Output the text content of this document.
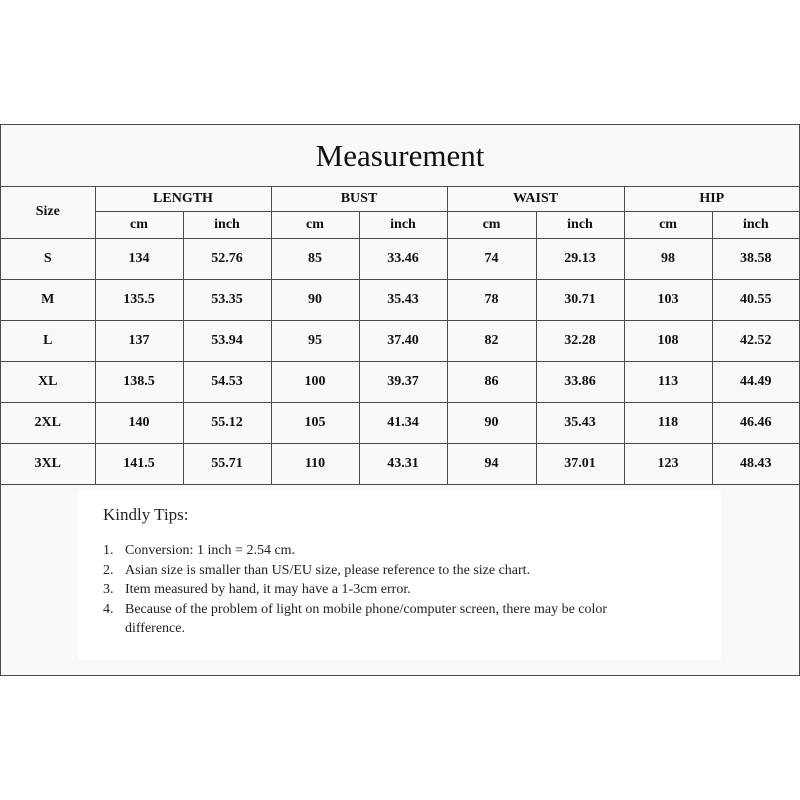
Measurement
Size	LENGTH		BUST		WAIST		HIP	
	cm	inch	cm	inch	cm	inch	cm	inch
S	134	52.76	85	33.46	74	29.13	98	38.58
M	135.5	53.35	90	35.43	78	30.71	103	40.55
L	137	53.94	95	37.40	82	32.28	108	42.52
XL	138.5	54.53	100	39.37	86	33.86	113	44.49
2XL	140	55.12	105	41.34	90	35.43	118	46.46
3XL	141.5	55.71	110	43.31	94	37.01	123	48.43
Kindly Tips:
1. Conversion: 1 inch = 2.54 cm.
2. Asian size is smaller than US/EU size, please reference to the size chart.
3. Item measured by hand, it may have a 1-3cm error.
4. Because of the problem of light on mobile phone/computer screen, there may be color difference.
